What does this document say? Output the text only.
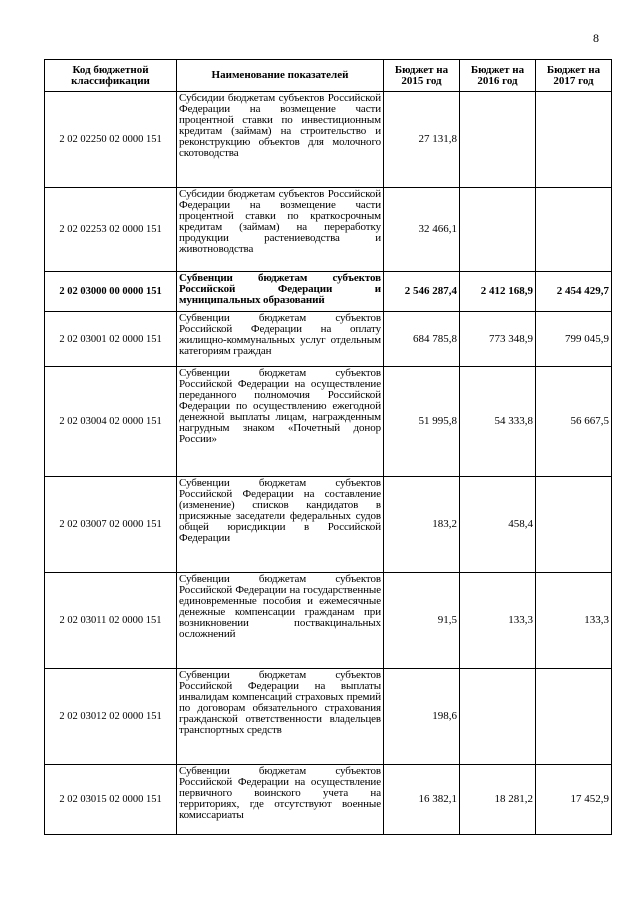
8
Код бюджетной классификации	Наименование показателей	Бюджет на 2015 год	Бюджет на 2016 год	Бюджет на 2017 год
2 02 02250 02 0000 151	Субсидии бюджетам субъектов Российской Федерации на возмещение части процентной ставки по инвестиционным кредитам (займам) на строительство и реконструкцию объектов для молочного скотоводства	27 131,8		
2 02 02253 02 0000 151	Субсидии бюджетам субъектов Российской Федерации на возмещение части процентной ставки по краткосрочным кредитам (займам) на переработку продукции растениеводства и животноводства	32 466,1		
2 02 03000 00 0000 151	Субвенции бюджетам субъектов Российской Федерации и муниципальных образований	2 546 287,4	2 412 168,9	2 454 429,7
2 02 03001 02 0000 151	Субвенции бюджетам субъектов Российской Федерации на оплату жилищно-коммунальных услуг отдельным категориям граждан	684 785,8	773 348,9	799 045,9
2 02 03004 02 0000 151	Субвенции бюджетам субъектов Российской Федерации на осуществление переданного полномочия Российской Федерации по осуществлению ежегодной денежной выплаты лицам, награжденным нагрудным знаком «Почетный донор России»	51 995,8	54 333,8	56 667,5
2 02 03007 02 0000 151	Субвенции бюджетам субъектов Российской Федерации на составление (изменение) списков кандидатов в присяжные заседатели федеральных судов общей юрисдикции в Российской Федерации	183,2	458,4	
2 02 03011 02 0000 151	Субвенции бюджетам субъектов Российской Федерации на государственные единовременные пособия и ежемесячные денежные компенсации гражданам при возникновении поствакцинальных осложнений	91,5	133,3	133,3
2 02 03012 02 0000 151	Субвенции бюджетам субъектов Российской Федерации на выплаты инвалидам компенсаций страховых премий по договорам обязательного страхования гражданской ответственности владельцев транспортных средств	198,6		
2 02 03015 02 0000 151	Субвенции бюджетам субъектов Российской Федерации на осуществление первичного воинского учета на территориях, где отсутствуют военные комиссариаты	16 382,1	18 281,2	17 452,9
